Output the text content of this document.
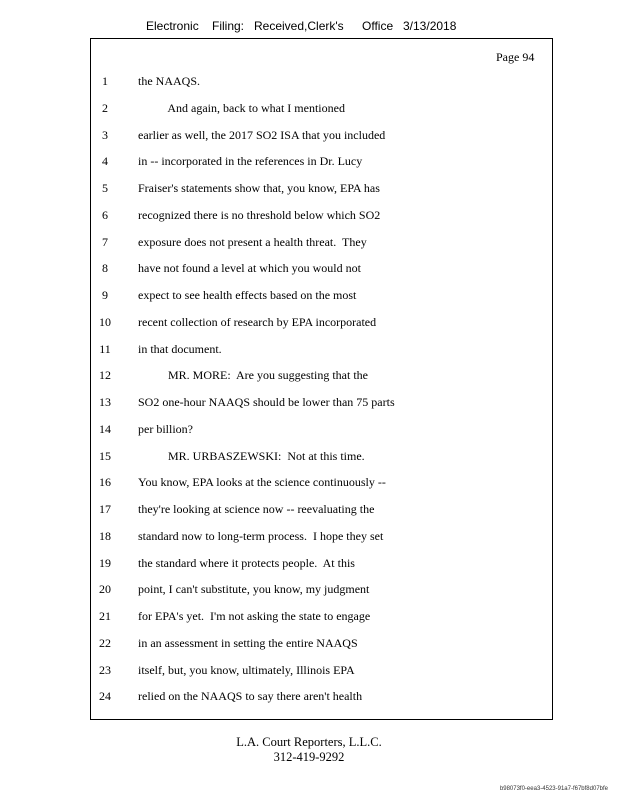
Electronic Filing: Received,Clerk's Office 3/13/2018
Page 94
1	the NAAQS.
2	And again, back to what I mentioned
3	earlier as well, the 2017 SO2 ISA that you included
4	in -- incorporated in the references in Dr. Lucy
5	Fraiser's statements show that, you know, EPA has
6	recognized there is no threshold below which SO2
7	exposure does not present a health threat.  They
8	have not found a level at which you would not
9	expect to see health effects based on the most
10	recent collection of research by EPA incorporated
11	in that document.
12	MR. MORE:  Are you suggesting that the
13	SO2 one-hour NAAQS should be lower than 75 parts
14	per billion?
15	MR. URBASZEWSKI:  Not at this time.
16	You know, EPA looks at the science continuously --
17	they're looking at science now -- reevaluating the
18	standard now to long-term process.  I hope they set
19	the standard where it protects people.  At this
20	point, I can't substitute, you know, my judgment
21	for EPA's yet.  I'm not asking the state to engage
22	in an assessment in setting the entire NAAQS
23	itself, but, you know, ultimately, Illinois EPA
24	relied on the NAAQS to say there aren't health
L.A. Court Reporters, L.L.C.
312-419-9292
b98073f0-eea3-4523-91a7-f67bf8d07bfe
